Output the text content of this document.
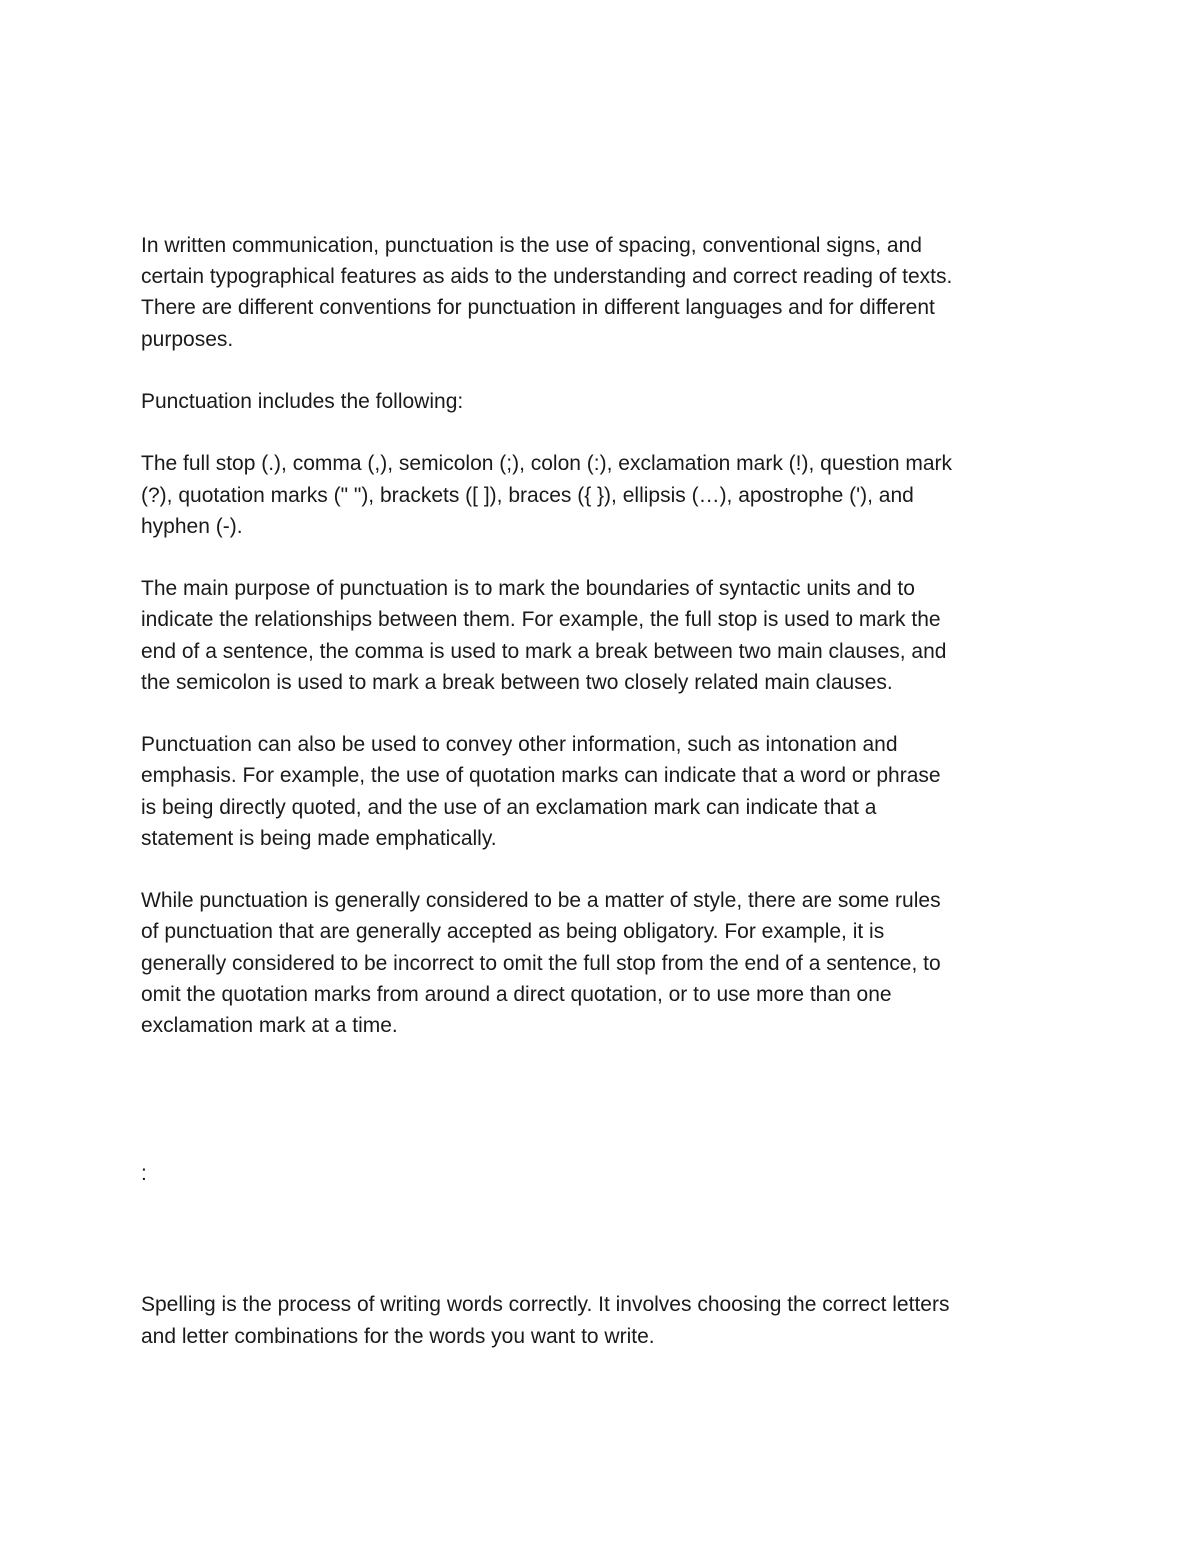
In written communication, punctuation is the use of spacing, conventional signs, and
certain typographical features as aids to the understanding and correct reading of texts.
There are different conventions for punctuation in different languages and for different
purposes.

Punctuation includes the following:

The full stop (.), comma (,), semicolon (;), colon (:), exclamation mark (!), question mark
(?), quotation marks (" "), brackets ([ ]), braces ({ }), ellipsis (…), apostrophe ('), and
hyphen (-).

The main purpose of punctuation is to mark the boundaries of syntactic units and to
indicate the relationships between them. For example, the full stop is used to mark the
end of a sentence, the comma is used to mark a break between two main clauses, and
the semicolon is used to mark a break between two closely related main clauses.

Punctuation can also be used to convey other information, such as intonation and
emphasis. For example, the use of quotation marks can indicate that a word or phrase
is being directly quoted, and the use of an exclamation mark can indicate that a
statement is being made emphatically.

While punctuation is generally considered to be a matter of style, there are some rules
of punctuation that are generally accepted as being obligatory. For example, it is
generally considered to be incorrect to omit the full stop from the end of a sentence, to
omit the quotation marks from around a direct quotation, or to use more than one
exclamation mark at a time.

:

Spelling is the process of writing words correctly. It involves choosing the correct letters
and letter combinations for the words you want to write.
